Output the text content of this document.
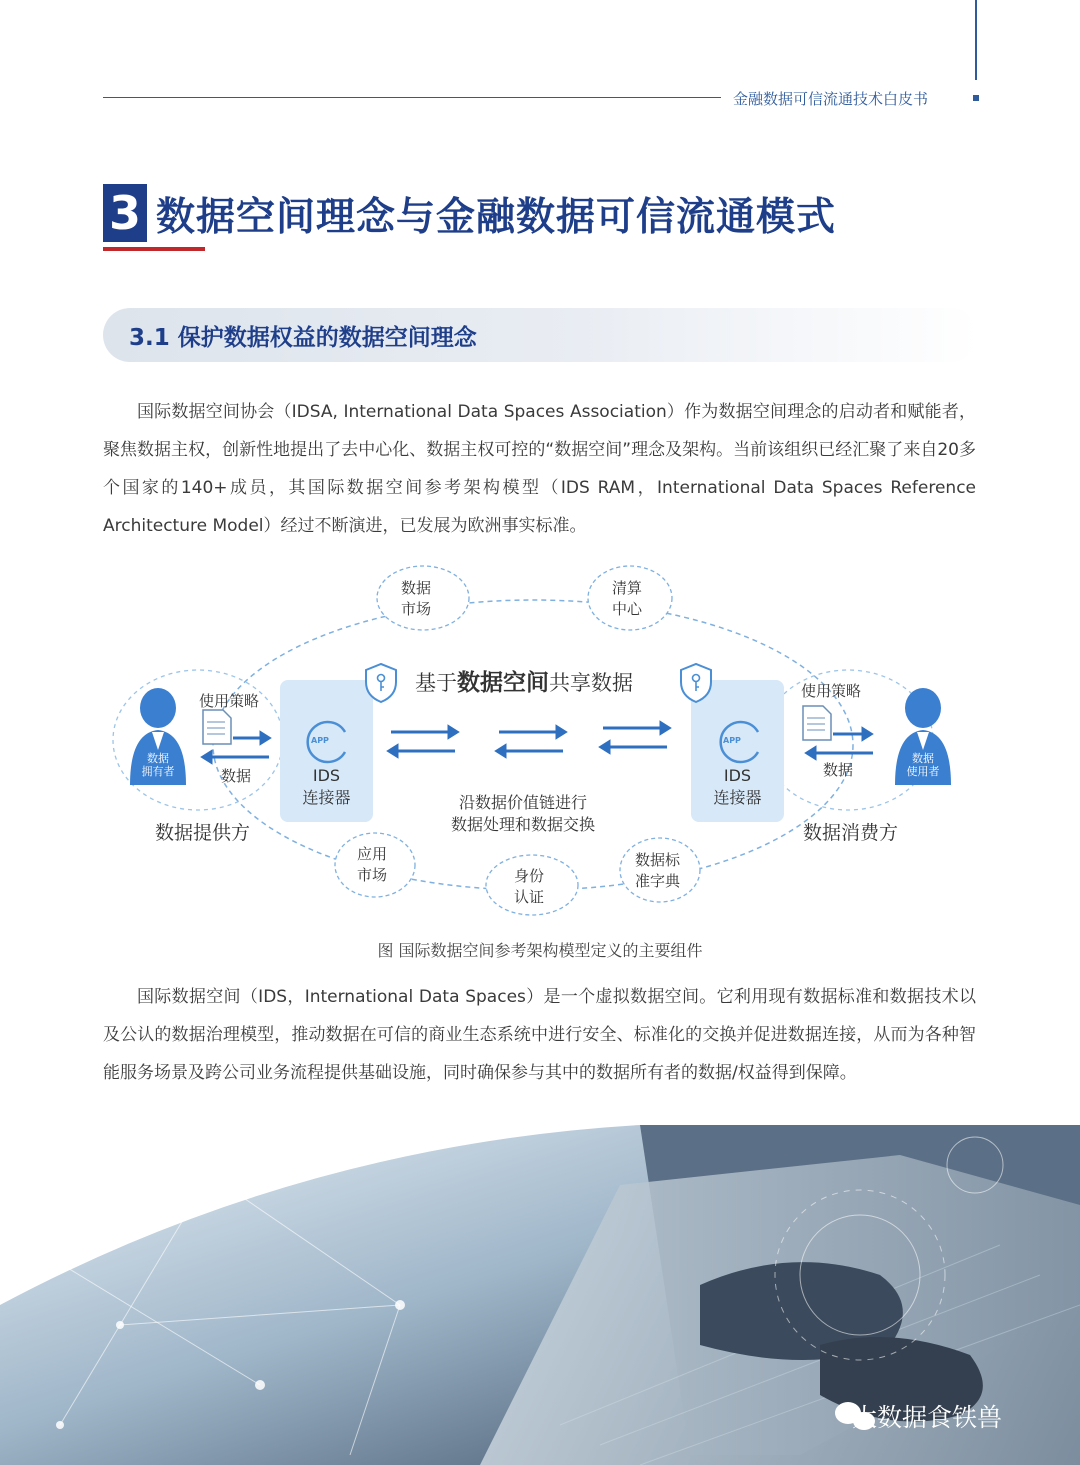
金融数据可信流通技术白皮书
3 数据空间理念与金融数据可信流通模式
3.1 保护数据权益的数据空间理念
国际数据空间协会（IDSA, International Data Spaces Association）作为数据空间理念的启动者和赋能者，聚焦数据主权，创新性地提出了去中心化、数据主权可控的“数据空间”理念及架构。当前该组织已经汇聚了来自20多个国家的140+成员，其国际数据空间参考架构模型（IDS RAM，International Data Spaces Reference Architecture Model）经过不断演进，已发展为欧洲事实标准。
数据
市场
清算
中心
应用
市场	身份
认证
数据标
准字典
基于数据空间共享数据
沿数据价值链进行
数据处理和数据交换
APP	APP
IDS
连接器
IDS
连接器
数据
拥有者
使用策略
数据
数据提供方
数据
使用者
使用策略
数据
数据消费方
图 国际数据空间参考架构模型定义的主要组件
国际数据空间（IDS，International Data Spaces）是一个虚拟数据空间。它利用现有数据标准和数据技术以及公认的数据治理模型，推动数据在可信的商业生态系统中进行安全、标准化的交换并促进数据连接，从而为各种智能服务场景及跨公司业务流程提供基础设施，同时确保参与其中的数据所有者的数据/权益得到保障。
大数据食铁兽
